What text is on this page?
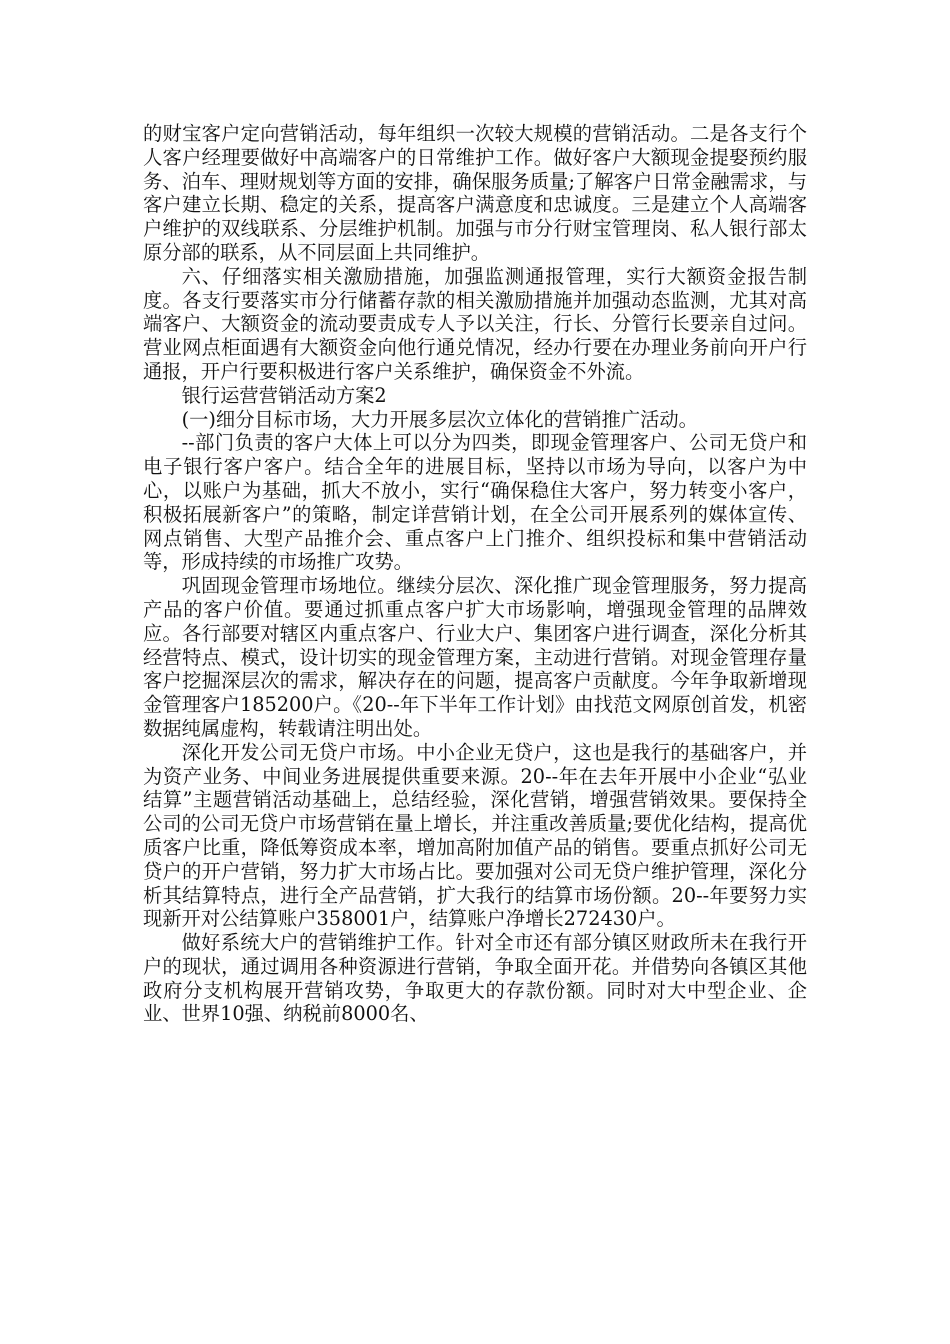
的财宝客户定向营销活动，每年组织一次较大规模的营销活动。二是各支行个人客户经理要做好中高端客户的日常维护工作。做好客户大额现金提娶预约服务、泊车、理财规划等方面的安排，确保服务质量;了解客户日常金融需求，与客户建立长期、稳定的关系，提高客户满意度和忠诚度。三是建立个人高端客户维护的双线联系、分层维护机制。加强与市分行财宝管理岗、私人银行部太原分部的联系，从不同层面上共同维护。

六、仔细落实相关激励措施，加强监测通报管理，实行大额资金报告制度。各支行要落实市分行储蓄存款的相关激励措施并加强动态监测，尤其对高端客户、大额资金的流动要责成专人予以关注，行长、分管行长要亲自过问。营业网点柜面遇有大额资金向他行通兑情况，经办行要在办理业务前向开户行通报，开户行要积极进行客户关系维护，确保资金不外流。

银行运营营销活动方案2

(一)细分目标市场，大力开展多层次立体化的营销推广活动。

--部门负责的客户大体上可以分为四类，即现金管理客户、公司无贷户和电子银行客户客户。结合全年的进展目标，坚持以市场为导向，以客户为中心，以账户为基础，抓大不放小，实行“确保稳住大客户，努力转变小客户，积极拓展新客户”的策略，制定详营销计划，在全公司开展系列的媒体宣传、网点销售、大型产品推介会、重点客户上门推介、组织投标和集中营销活动等，形成持续的市场推广攻势。

巩固现金管理市场地位。继续分层次、深化推广现金管理服务，努力提高产品的客户价值。要通过抓重点客户扩大市场影响，增强现金管理的品牌效应。各行部要对辖区内重点客户、行业大户、集团客户进行调查，深化分析其经营特点、模式，设计切实的现金管理方案，主动进行营销。对现金管理存量客户挖掘深层次的需求，解决存在的问题，提高客户贡献度。今年争取新增现金管理客户185200户。《20--年下半年工作计划》由找范文网原创首发，机密数据纯属虚构，转载请注明出处。

深化开发公司无贷户市场。中小企业无贷户，这也是我行的基础客户，并为资产业务、中间业务进展提供重要来源。20--年在去年开展中小企业“弘业结算”主题营销活动基础上，总结经验，深化营销，增强营销效果。要保持全公司的公司无贷户市场营销在量上增长，并注重改善质量;要优化结构，提高优质客户比重，降低筹资成本率，增加高附加值产品的销售。要重点抓好公司无贷户的开户营销，努力扩大市场占比。要加强对公司无贷户维护管理，深化分析其结算特点，进行全产品营销，扩大我行的结算市场份额。20--年要努力实现新开对公结算账户358001户，结算账户净增长272430户。

做好系统大户的营销维护工作。针对全市还有部分镇区财政所未在我行开户的现状，通过调用各种资源进行营销，争取全面开花。并借势向各镇区其他政府分支机构展开营销攻势，争取更大的存款份额。同时对大中型企业、企业、世界10强、纳税前8000名、
